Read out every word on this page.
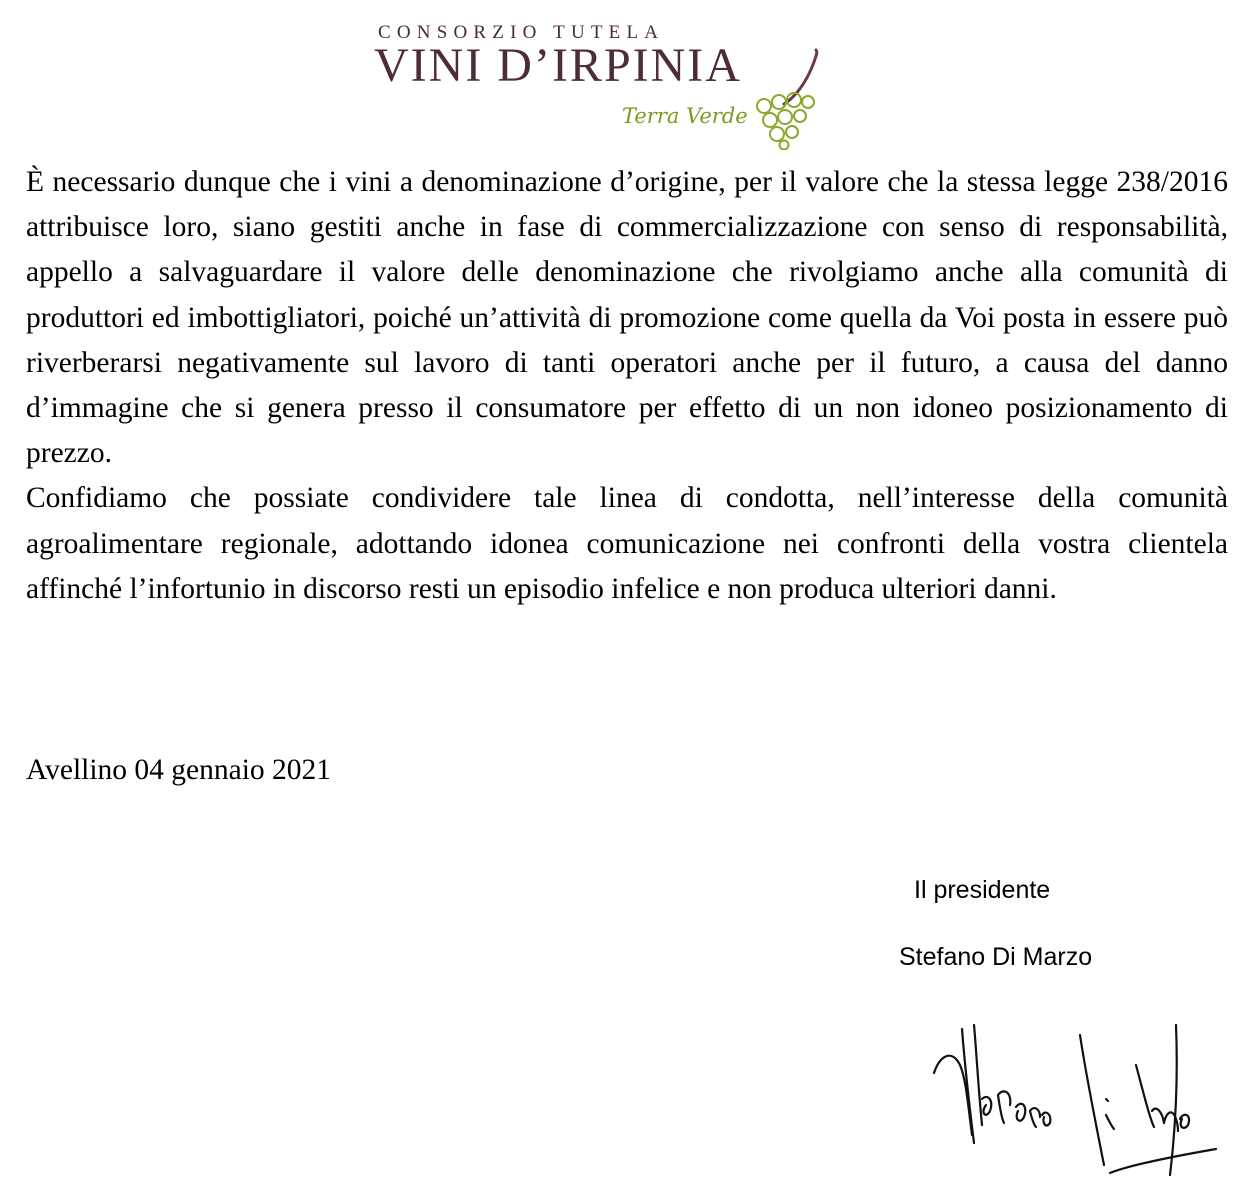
CONSORZIO TUTELA
VINI D’IRPINIA
Terra Verde

È necessario dunque che i vini a denominazione d’origine, per il valore che la stessa legge 238/2016 attribuisce loro, siano gestiti anche in fase di commercializzazione con senso di responsabilità, appello a salvaguardare il valore delle denominazione che rivolgiamo anche alla comunità di produttori ed imbottigliatori, poiché un’attività di promozione come quella da Voi posta in essere può riverberarsi negativamente sul lavoro di tanti operatori anche per il futuro, a causa del danno d’immagine che si genera presso il consumatore per effetto di un non idoneo posizionamento di prezzo.

Confidiamo che possiate condividere tale linea di condotta, nell’interesse della comunità agroalimentare regionale, adottando idonea comunicazione nei confronti della vostra clientela affinché l’infortunio in discorso resti un episodio infelice e non produca ulteriori danni.

Avellino 04 gennaio 2021
Il presidente
Stefano Di Marzo
